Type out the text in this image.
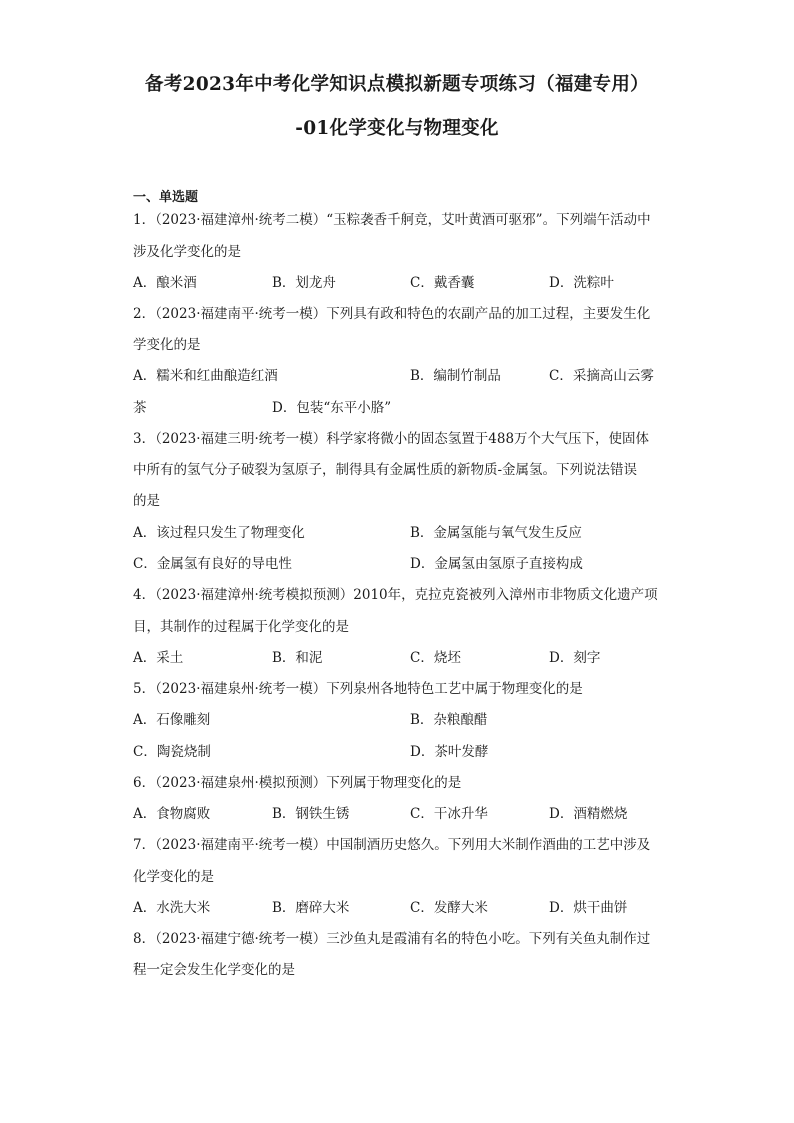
备考2023年中考化学知识点模拟新题专项练习（福建专用）
-01化学变化与物理变化
一、单选题
1．（2023·福建漳州·统考二模）“玉粽袭香千舸竞，艾叶黄酒可驱邪”。下列端午活动中
涉及化学变化的是
A．酿米酒	B．划龙舟	C．戴香囊	D．洗粽叶
2．（2023·福建南平·统考一模）下列具有政和特色的农副产品的加工过程，主要发生化
学变化的是
A．糯米和红曲酿造红酒	B．编制竹制品	C．采摘高山云雾
茶	D．包装“东平小胳”
3．（2023·福建三明·统考一模）科学家将微小的固态氢置于488万个大气压下，使固体
中所有的氢气分子破裂为氢原子，制得具有金属性质的新物质-金属氢。下列说法错误
的是
A．该过程只发生了物理变化	B．金属氢能与氧气发生反应
C．金属氢有良好的导电性	D．金属氢由氢原子直接构成
4．（2023·福建漳州·统考模拟预测）2010年，克拉克瓷被列入漳州市非物质文化遗产项
目，其制作的过程属于化学变化的是
A．采土	B．和泥	C．烧坯	D．刻字
5．（2023·福建泉州·统考一模）下列泉州各地特色工艺中属于物理变化的是
A．石像雕刻	B．杂粮酿醋
C．陶瓷烧制	D．茶叶发酵
6．（2023·福建泉州·模拟预测）下列属于物理变化的是
A．食物腐败	B．钢铁生锈	C．干冰升华	D．酒精燃烧
7．（2023·福建南平·统考一模）中国制酒历史悠久。下列用大米制作酒曲的工艺中涉及
化学变化的是
A．水洗大米	B．磨碎大米	C．发酵大米	D．烘干曲饼
8．（2023·福建宁德·统考一模）三沙鱼丸是霞浦有名的特色小吃。下列有关鱼丸制作过
程一定会发生化学变化的是
